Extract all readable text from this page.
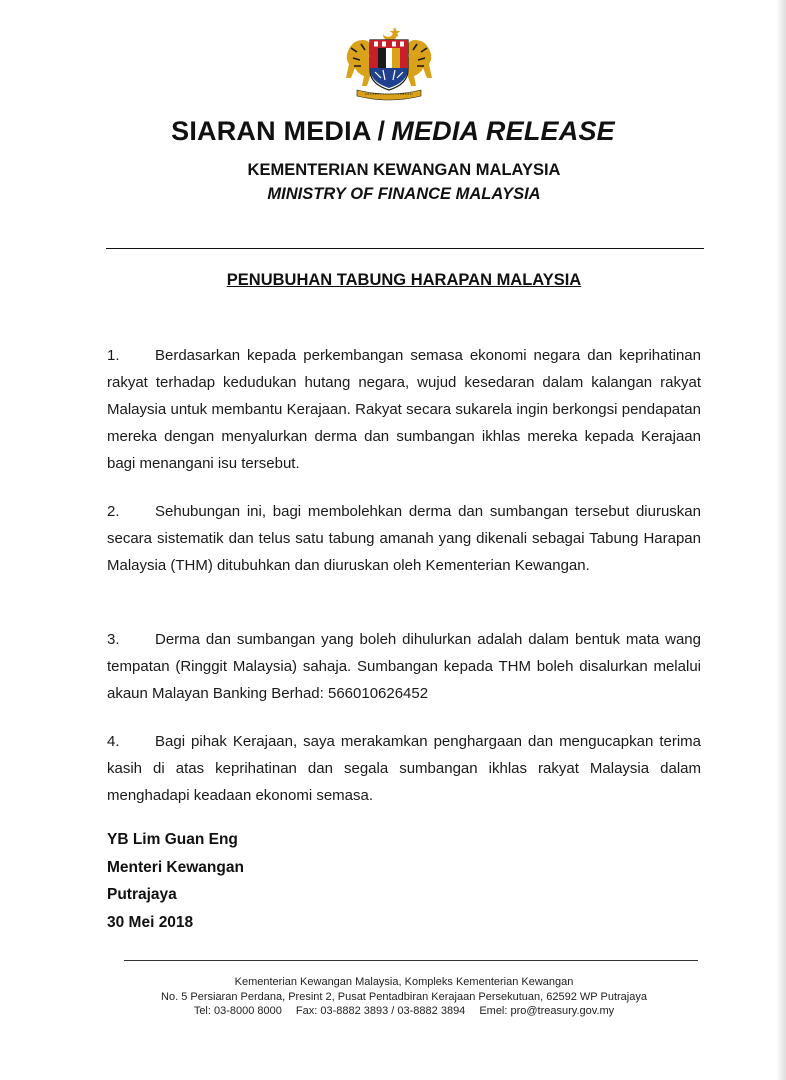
SIARAN MEDIA / MEDIA RELEASE
KEMENTERIAN KEWANGAN MALAYSIA
MINISTRY OF FINANCE MALAYSIA
PENUBUHAN TABUNG HARAPAN MALAYSIA
1. Berdasarkan kepada perkembangan semasa ekonomi negara dan keprihatinan rakyat terhadap kedudukan hutang negara, wujud kesedaran dalam kalangan rakyat Malaysia untuk membantu Kerajaan. Rakyat secara sukarela ingin berkongsi pendapatan mereka dengan menyalurkan derma dan sumbangan ikhlas mereka kepada Kerajaan bagi menangani isu tersebut.
2. Sehubungan ini, bagi membolehkan derma dan sumbangan tersebut diuruskan secara sistematik dan telus satu tabung amanah yang dikenali sebagai Tabung Harapan Malaysia (THM) ditubuhkan dan diuruskan oleh Kementerian Kewangan.
3. Derma dan sumbangan yang boleh dihulurkan adalah dalam bentuk mata wang tempatan (Ringgit Malaysia) sahaja. Sumbangan kepada THM boleh disalurkan melalui akaun Malayan Banking Berhad: 566010626452
4. Bagi pihak Kerajaan, saya merakamkan penghargaan dan mengucapkan terima kasih di atas keprihatinan dan segala sumbangan ikhlas rakyat Malaysia dalam menghadapi keadaan ekonomi semasa.
YB Lim Guan Eng
Menteri Kewangan
Putrajaya
30 Mei 2018
Kementerian Kewangan Malaysia, Kompleks Kementerian Kewangan
No. 5 Persiaran Perdana, Presint 2, Pusat Pentadbiran Kerajaan Persekutuan, 62592 WP Putrajaya
Tel: 03-8000 8000 Fax: 03-8882 3893 / 03-8882 3894 Emel: pro@treasury.gov.my
